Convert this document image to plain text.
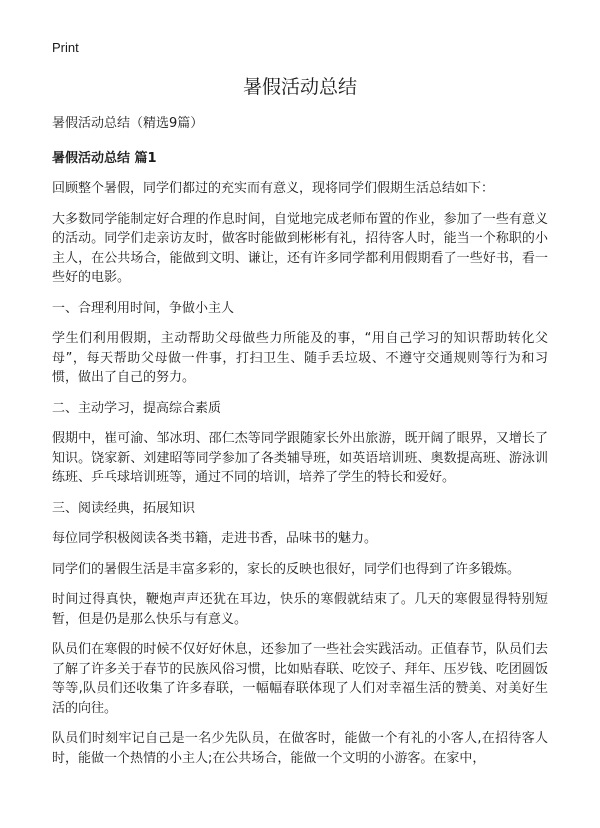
Print
暑假活动总结
暑假活动总结（精选9篇）
暑假活动总结 篇1

回顾整个暑假，同学们都过的充实而有意义，现将同学们假期生活总结如下：

大多数同学能制定好合理的作息时间，自觉地完成老师布置的作业，参加了一些有意义的活动。同学们走亲访友时，做客时能做到彬彬有礼，招待客人时，能当一个称职的小主人，在公共场合，能做到文明、谦让，还有许多同学都利用假期看了一些好书，看一些好的电影。

一、合理利用时间，争做小主人

学生们利用假期，主动帮助父母做些力所能及的事，“用自己学习的知识帮助转化父母”，每天帮助父母做一件事，打扫卫生、随手丢垃圾、不遵守交通规则等行为和习惯，做出了自己的努力。

二、主动学习，提高综合素质

假期中，崔可渝、邹冰玥、邵仁杰等同学跟随家长外出旅游，既开阔了眼界，又增长了知识。饶家新、刘建昭等同学参加了各类辅导班，如英语培训班、奥数提高班、游泳训练班、乒乓球培训班等，通过不同的培训，培养了学生的特长和爱好。

三、阅读经典，拓展知识

每位同学积极阅读各类书籍，走进书香，品味书的魅力。

同学们的暑假生活是丰富多彩的，家长的反映也很好，同学们也得到了许多锻炼。

时间过得真快，鞭炮声声还犹在耳边，快乐的寒假就结束了。几天的寒假显得特别短暂，但是仍是那么快乐与有意义。

队员们在寒假的时候不仅好好休息，还参加了一些社会实践活动。正值春节，队员们去了解了许多关于春节的民族风俗习惯，比如贴春联、吃饺子、拜年、压岁钱、吃团圆饭等等,队员们还收集了许多春联，一幅幅春联体现了人们对幸福生活的赞美、对美好生活的向往。

队员们时刻牢记自己是一名少先队员，在做客时，能做一个有礼的小客人,在招待客人时，能做一个热情的小主人;在公共场合，能做一个文明的小游客。在家中，
